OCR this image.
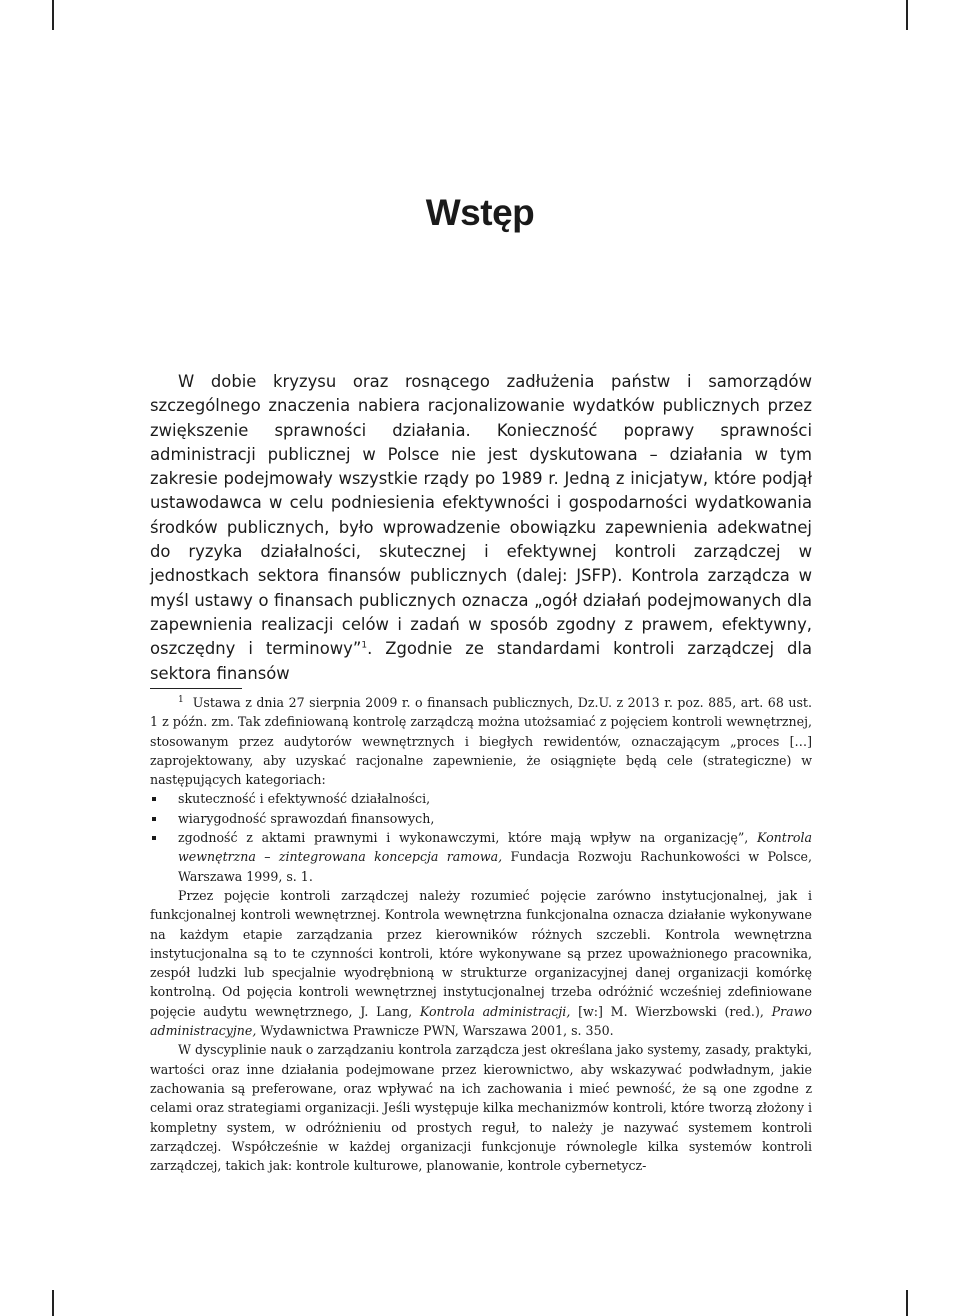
Wstęp

W dobie kryzysu oraz rosnącego zadłużenia państw i samorządów szczególnego znaczenia nabiera racjonalizowanie wydatków publicznych przez zwiększenie sprawności działania. Konieczność poprawy sprawności administracji publicznej w Polsce nie jest dyskutowana – działania w tym zakresie podejmowały wszystkie rządy po 1989 r. Jedną z inicjatyw, które podjął ustawodawca w celu podniesienia efektywności i gospodarności wydatkowania środków publicznych, było wprowadzenie obowiązku zapewnienia adekwatnej do ryzyka działalności, skutecznej i efektywnej kontroli zarządczej w jednostkach sektora finansów publicznych (dalej: JSFP). Kontrola zarządcza w myśl ustawy o finansach publicznych oznacza „ogół działań podejmowanych dla zapewnienia realizacji celów i zadań w sposób zgodny z prawem, efektywny, oszczędny i terminowy”$^1$. Zgodnie ze standardami kontroli zarządczej dla sektora finansów

$^1$ Ustawa z dnia 27 sierpnia 2009 r. o finansach publicznych, Dz.U. z 2013 r. poz. 885, art. 68 ust. 1 z późn. zm. Tak zdefiniowaną kontrolę zarządczą można utożsamiać z pojęciem kontroli wewnętrznej, stosowanym przez audytorów wewnętrznych i biegłych rewidentów, oznaczającym „proces […] zaprojektowany, aby uzyskać racjonalne zapewnienie, że osiągnięte będą cele (strategiczne) w następujących kategoriach:

skuteczność i efektywność działalności,
wiarygodność sprawozdań finansowych,
zgodność z aktami prawnymi i wykonawczymi, które mają wpływ na organizację”, Kontrola wewnętrzna – zintegrowana koncepcja ramowa, Fundacja Rozwoju Rachunkowości w Polsce, Warszawa 1999, s. 1.

Przez pojęcie kontroli zarządczej należy rozumieć pojęcie zarówno instytucjonalnej, jak i funkcjonalnej kontroli wewnętrznej. Kontrola wewnętrzna funkcjonalna oznacza działanie wykonywane na każdym etapie zarządzania przez kierowników różnych szczebli. Kontrola wewnętrzna instytucjonalna są to te czynności kontroli, które wykonywane są przez upoważnionego pracownika, zespół ludzki lub specjalnie wyodrębnioną w strukturze organizacyjnej danej organizacji komórkę kontrolną. Od pojęcia kontroli wewnętrznej instytucjonalnej trzeba odróżnić wcześniej zdefiniowane pojęcie audytu wewnętrznego, J. Lang, Kontrola administracji, [w:] M. Wierzbowski (red.), Prawo administracyjne, Wydawnictwa Prawnicze PWN, Warszawa 2001, s. 350.

W dyscyplinie nauk o zarządzaniu kontrola zarządcza jest określana jako systemy, zasady, praktyki, wartości oraz inne działania podejmowane przez kierownictwo, aby wskazywać podwładnym, jakie zachowania są preferowane, oraz wpływać na ich zachowania i mieć pewność, że są one zgodne z celami oraz strategiami organizacji. Jeśli występuje kilka mechanizmów kontroli, które tworzą złożony i kompletny system, w odróżnieniu od prostych reguł, to należy je nazywać systemem kontroli zarządczej. Współcześnie w każdej organizacji funkcjonuje równolegle kilka systemów kontroli zarządczej, takich jak: kontrole kulturowe, planowanie, kontrole cybernetycz-
